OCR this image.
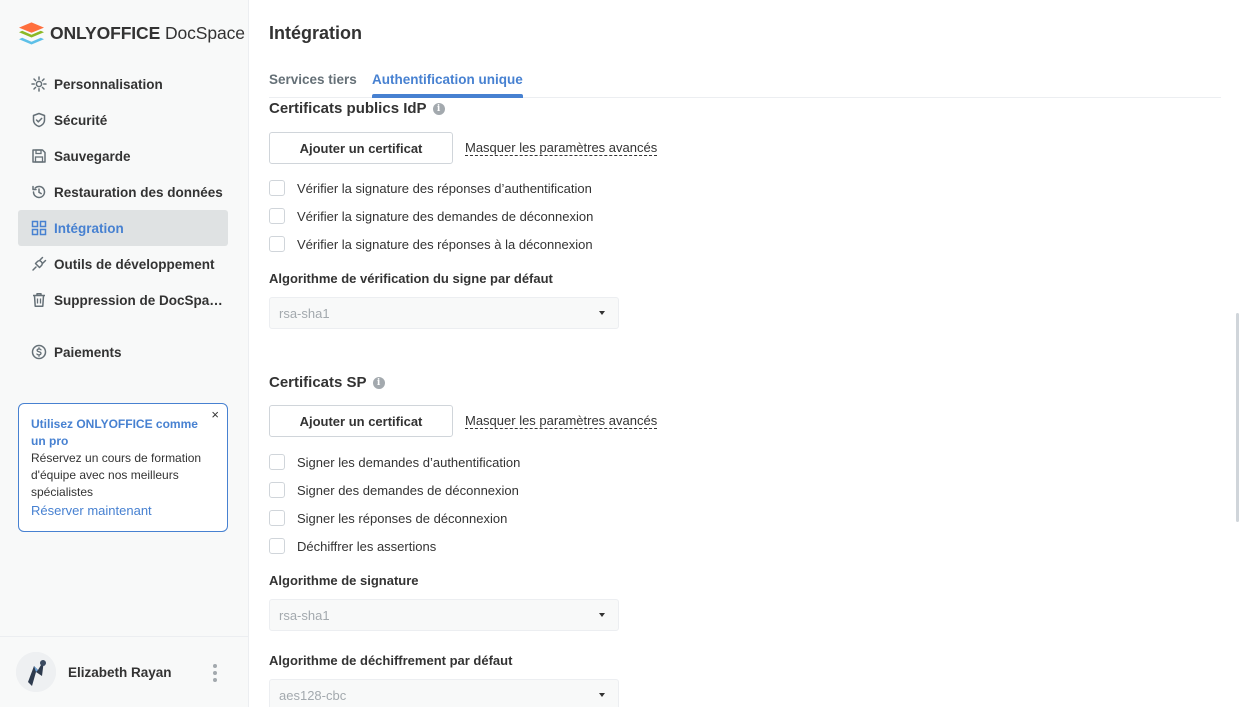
ONLYOFFICE DocSpace
Personnalisation
Sécurité
Sauvegarde
Restauration des données
Intégration
Outils de développement
Suppression de DocSpace
Paiements
×
Utilisez ONLYOFFICE comme un pro
Réservez un cours de formation d'équipe avec nos meilleurs spécialistes
Réserver maintenant
Elizabeth Rayan
Intégration
Services tiers Authentification unique
Certificats publics IdP	i
Ajouter un certificat	Masquer les paramètres avancés
Vérifier la signature des réponses d’authentification
Vérifier la signature des demandes de déconnexion
Vérifier la signature des réponses à la déconnexion
Algorithme de vérification du signe par défaut
rsa-sha1
Certificats SP	i
Ajouter un certificat	Masquer les paramètres avancés
Signer les demandes d’authentification
Signer des demandes de déconnexion
Signer les réponses de déconnexion
Déchiffrer les assertions
Algorithme de signature
rsa-sha1
Algorithme de déchiffrement par défaut
aes128-cbc
